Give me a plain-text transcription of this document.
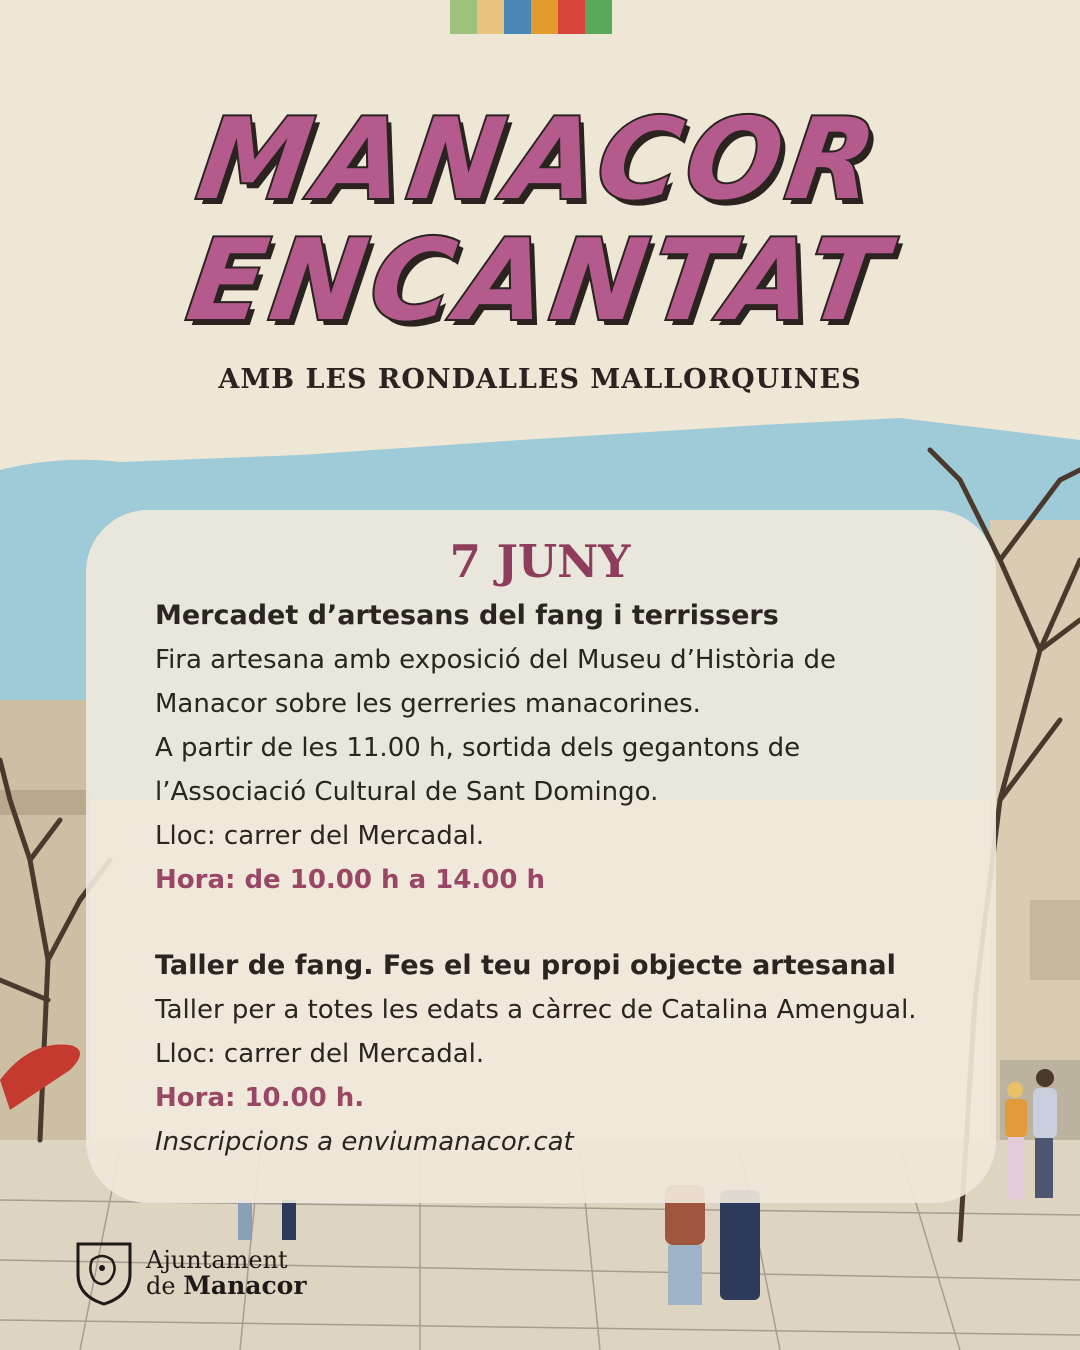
MANACOR
ENCANTAT
AMB LES RONDALLES MALLORQUINES
7 JUNY
Mercadet d’artesans del fang i terrissers
Fira artesana amb exposició del Museu d’Història de
Manacor sobre les gerreries manacorines.
A partir de les 11.00 h, sortida dels gegantons de
l’Associació Cultural de Sant Domingo.
Lloc: carrer del Mercadal.
Hora: de 10.00 h a 14.00 h
Taller de fang. Fes el teu propi objecte artesanal
Taller per a totes les edats a càrrec de Catalina Amengual.
Lloc: carrer del Mercadal.
Hora: 10.00 h.
Inscripcions a enviumanacor.cat
Ajuntament
de Manacor
